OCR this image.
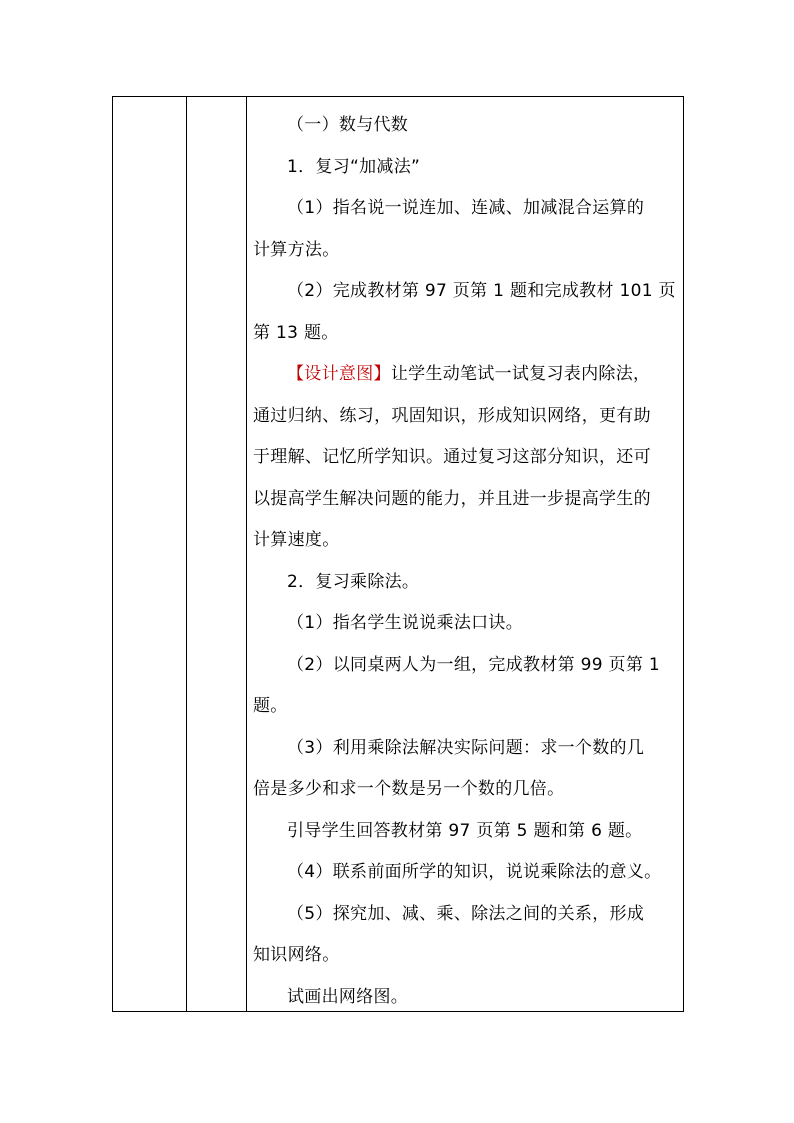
（一）数与代数

1．复习“加减法”

（1）指名说一说连加、连减、加减混合运算的

计算方法。

（2）完成教材第 97 页第 1 题和完成教材 101 页

第 13 题。

【设计意图】让学生动笔试一试复习表内除法，

通过归纳、练习，巩固知识，形成知识网络，更有助

于理解、记忆所学知识。通过复习这部分知识，还可

以提高学生解决问题的能力，并且进一步提高学生的

计算速度。

2．复习乘除法。

（1）指名学生说说乘法口诀。

（2）以同桌两人为一组，完成教材第 99 页第 1

题。

（3）利用乘除法解决实际问题：求一个数的几

倍是多少和求一个数是另一个数的几倍。

引导学生回答教材第 97 页第 5 题和第 6 题。

（4）联系前面所学的知识，说说乘除法的意义。

（5）探究加、减、乘、除法之间的关系，形成

知识网络。

试画出网络图。
